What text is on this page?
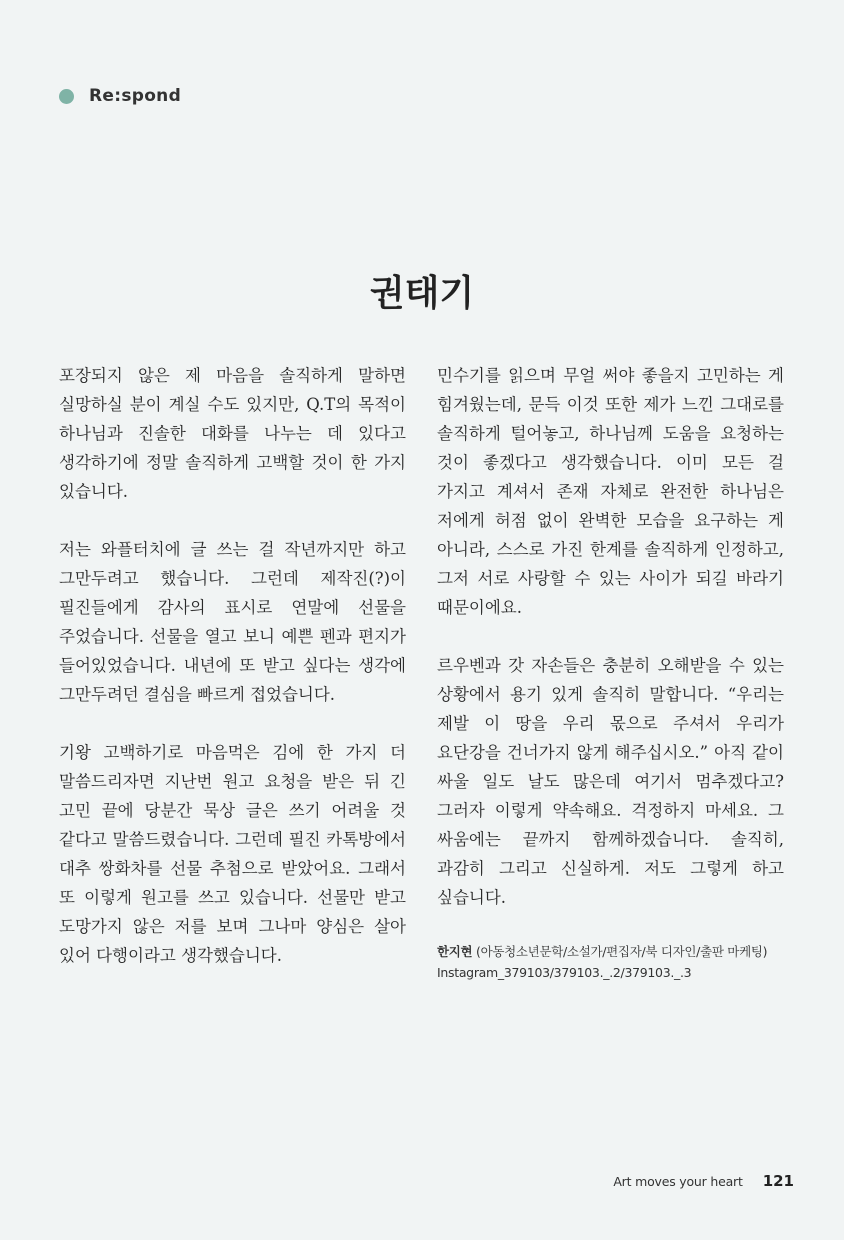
Re:spond
권태기

포장되지 않은 제 마음을 솔직하게 말하면 실망하실 분이 계실 수도 있지만, Q.T의 목적이 하나님과 진솔한 대화를 나누는 데 있다고 생각하기에 정말 솔직하게 고백할 것이 한 가지 있습니다.

저는 와플터치에 글 쓰는 걸 작년까지만 하고 그만두려고 했습니다. 그런데 제작진(?)이 필진들에게 감사의 표시로 연말에 선물을 주었습니다. 선물을 열고 보니 예쁜 펜과 편지가 들어있었습니다. 내년에 또 받고 싶다는 생각에 그만두려던 결심을 빠르게 접었습니다.

기왕 고백하기로 마음먹은 김에 한 가지 더 말씀드리자면 지난번 원고 요청을 받은 뒤 긴 고민 끝에 당분간 묵상 글은 쓰기 어려울 것 같다고 말씀드렸습니다. 그런데 필진 카톡방에서 대추 쌍화차를 선물 추첨으로 받았어요. 그래서 또 이렇게 원고를 쓰고 있습니다. 선물만 받고 도망가지 않은 저를 보며 그나마 양심은 살아 있어 다행이라고 생각했습니다.

민수기를 읽으며 무얼 써야 좋을지 고민하는 게 힘겨웠는데, 문득 이것 또한 제가 느낀 그대로를 솔직하게 털어놓고, 하나님께 도움을 요청하는 것이 좋겠다고 생각했습니다. 이미 모든 걸 가지고 계셔서 존재 자체로 완전한 하나님은 저에게 허점 없이 완벽한 모습을 요구하는 게 아니라, 스스로 가진 한계를 솔직하게 인정하고, 그저 서로 사랑할 수 있는 사이가 되길 바라기 때문이에요.

르우벤과 갓 자손들은 충분히 오해받을 수 있는 상황에서 용기 있게 솔직히 말합니다. “우리는 제발 이 땅을 우리 몫으로 주셔서 우리가 요단강을 건너가지 않게 해주십시오.” 아직 같이 싸울 일도 날도 많은데 여기서 멈추겠다고? 그러자 이렇게 약속해요. 걱정하지 마세요. 그 싸움에는 끝까지 함께하겠습니다. 솔직히, 과감히 그리고 신실하게. 저도 그렇게 하고 싶습니다.

한지현 (아동청소년문학/소설가/편집자/북 디자인/출판 마케팅)
Instagram_379103/379103._.2/379103._.3
Art moves your heart 121
